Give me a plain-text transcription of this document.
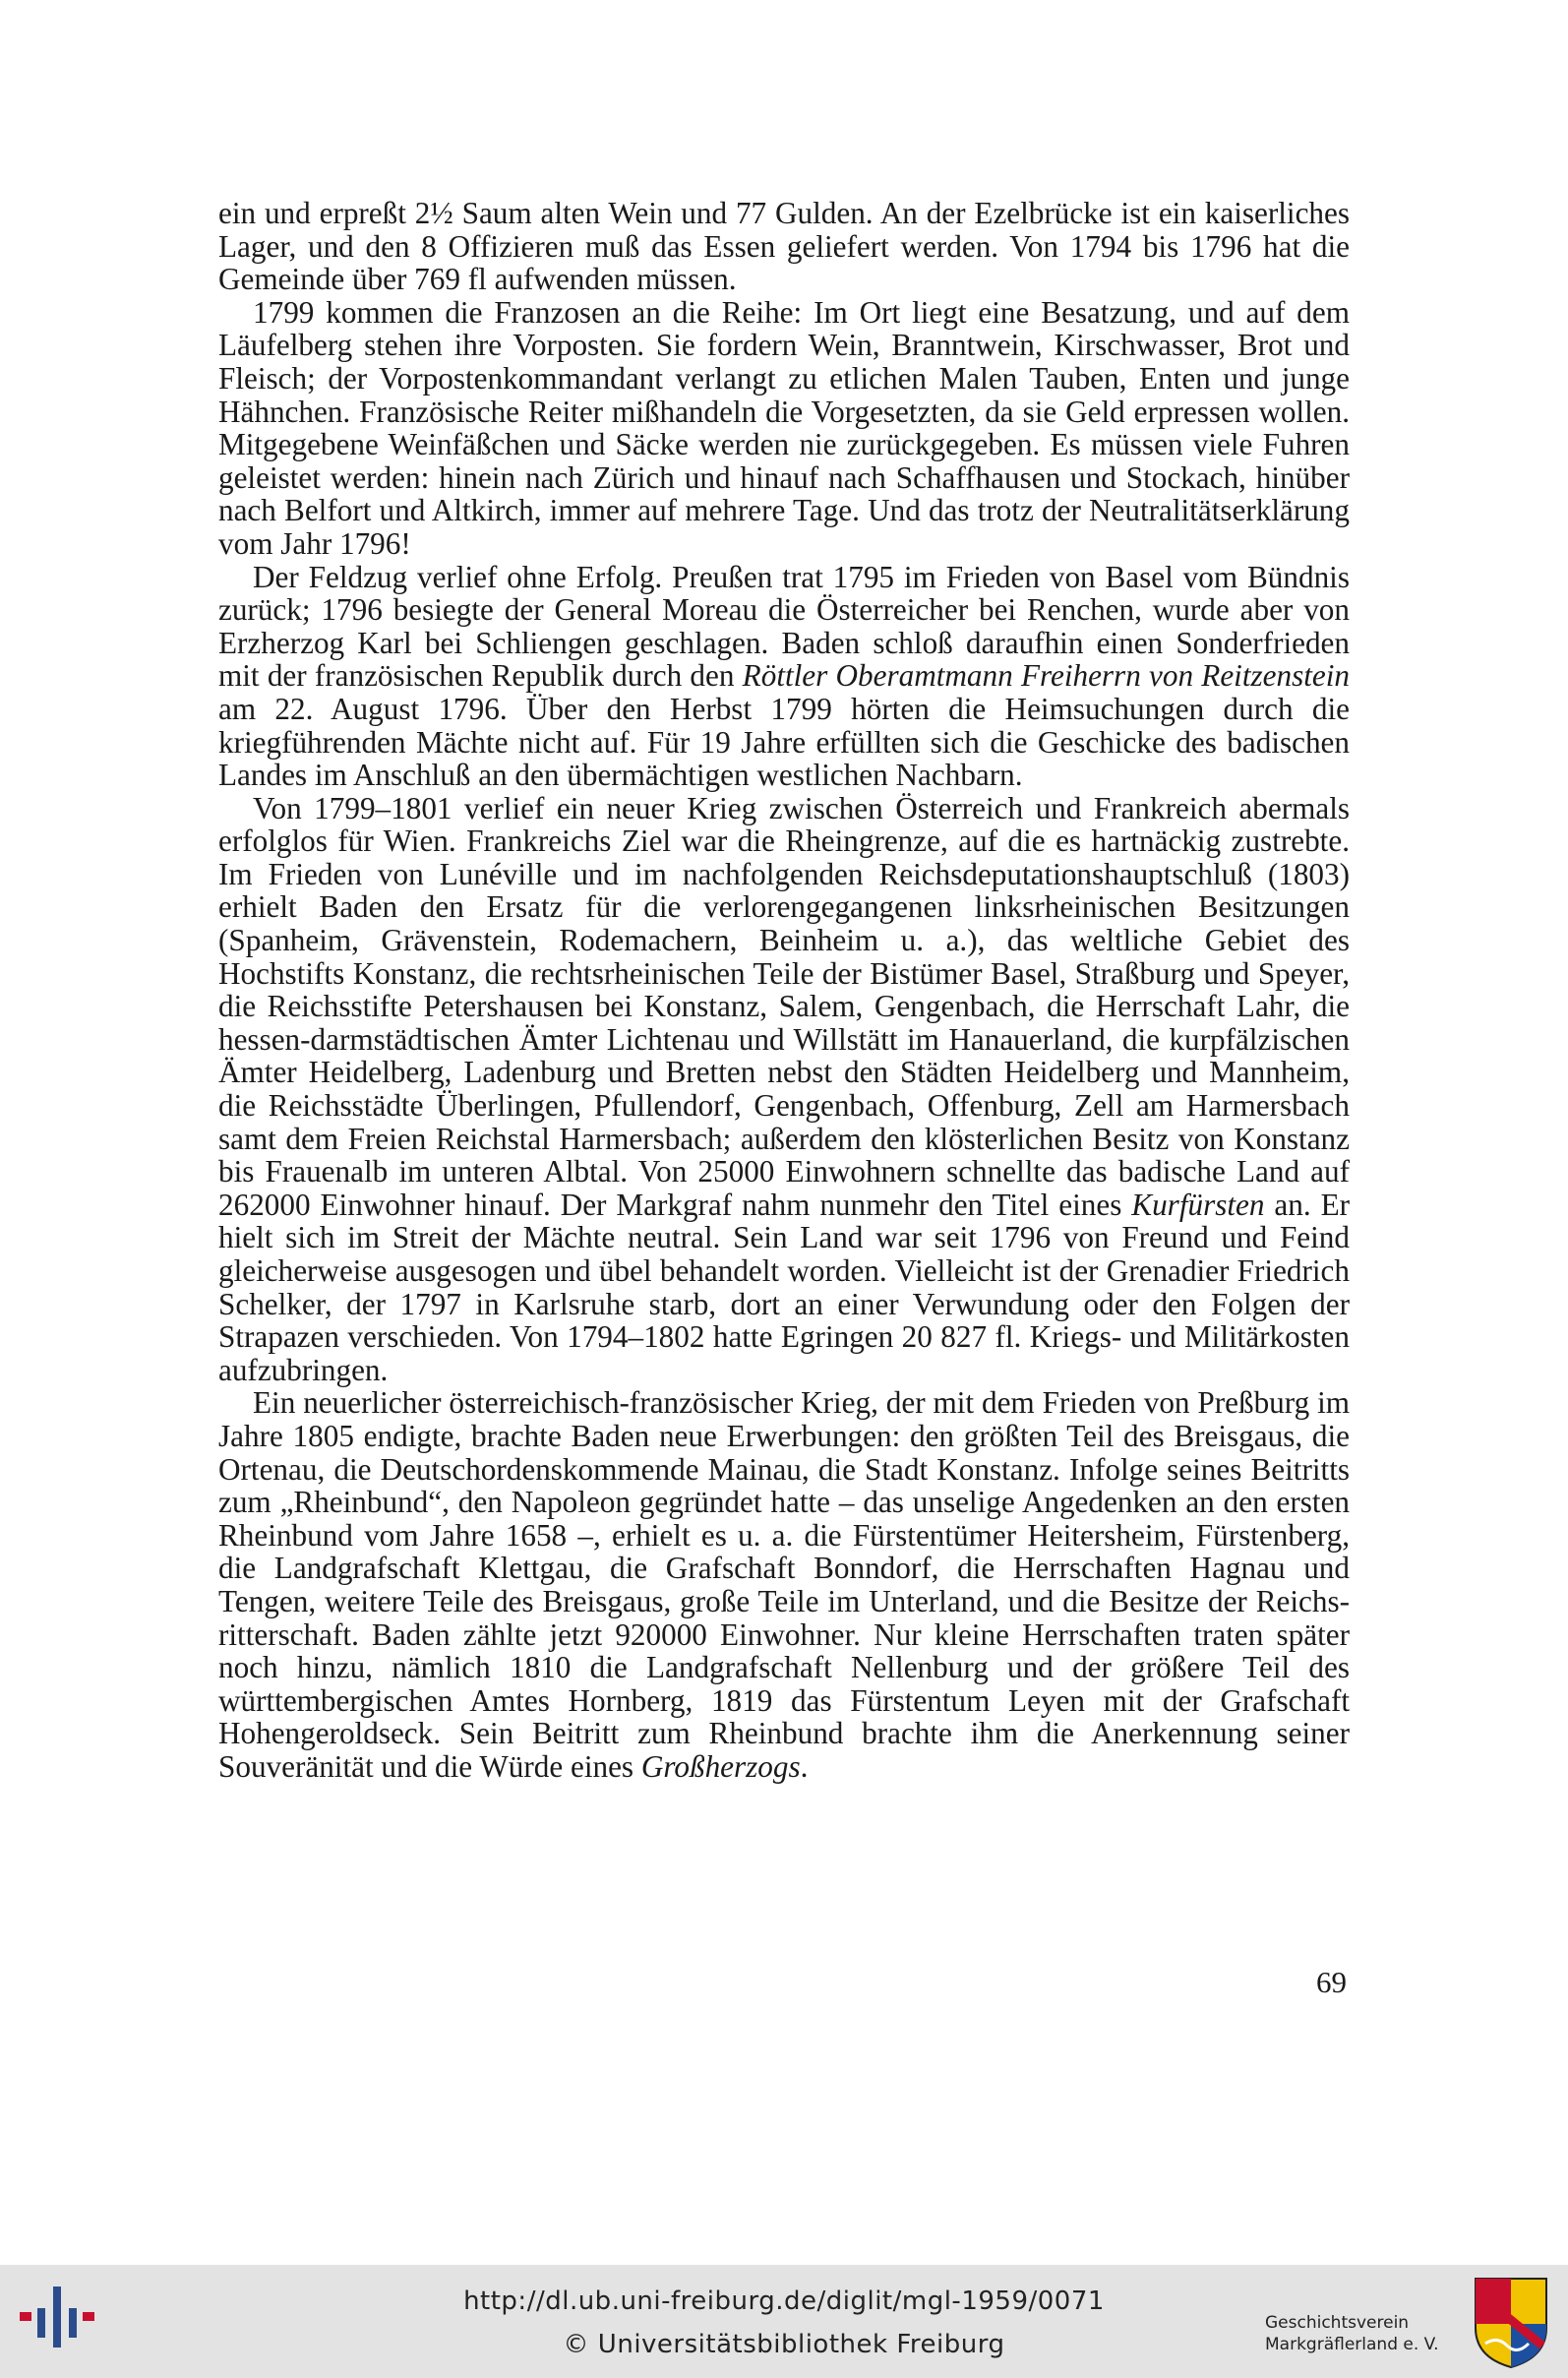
ein und erpreßt 2½ Saum alten Wein und 77 Gulden. An der Ezelbrücke ist ein kaiserliches Lager, und den 8 Offizieren muß das Essen geliefert werden. Von 1794 bis 1796 hat die Gemeinde über 769 fl aufwenden müssen.

1799 kommen die Franzosen an die Reihe: Im Ort liegt eine Besatzung, und auf dem Läufelberg stehen ihre Vorposten. Sie fordern Wein, Branntwein, Kirschwasser, Brot und Fleisch; der Vorpostenkommandant verlangt zu etlichen Malen Tauben, Enten und junge Hähnchen. Französische Reiter mißhandeln die Vorgesetzten, da sie Geld erpressen wollen. Mitgegebene Weinfäßchen und Säcke werden nie zurückgegeben. Es müssen viele Fuhren geleistet werden: hinein nach Zürich und hinauf nach Schaffhausen und Stockach, hinüber nach Belfort und Altkirch, immer auf mehrere Tage. Und das trotz der Neutralitätserklärung vom Jahr 1796!

Der Feldzug verlief ohne Erfolg. Preußen trat 1795 im Frieden von Basel vom Bündnis zurück; 1796 besiegte der General Moreau die Österreicher bei Renchen, wurde aber von Erzherzog Karl bei Schliengen geschlagen. Baden schloß daraufhin einen Sonderfrieden mit der französischen Republik durch den Röttler Oberamtmann Freiherrn von Reitzenstein am 22. August 1796. Über den Herbst 1799 hörten die Heimsuchungen durch die kriegführenden Mächte nicht auf. Für 19 Jahre erfüllten sich die Geschicke des badischen Landes im Anschluß an den übermächtigen westlichen Nachbarn.

Von 1799–1801 verlief ein neuer Krieg zwischen Österreich und Frankreich abermals erfolglos für Wien. Frankreichs Ziel war die Rheingrenze, auf die es hartnäckig zustrebte. Im Frieden von Lunéville und im nachfolgenden Reichsdeputationshauptschluß (1803) erhielt Baden den Ersatz für die verlorengegangenen linksrheinischen Besitzungen (Spanheim, Grävenstein, Rodemachern, Beinheim u. a.), das weltliche Gebiet des Hochstifts Konstanz, die rechtsrheinischen Teile der Bistümer Basel, Straßburg und Speyer, die Reichsstifte Petershausen bei Konstanz, Salem, Gengenbach, die Herrschaft Lahr, die hessen-darmstädtischen Ämter Lichtenau und Willstätt im Hanauerland, die kurpfälzischen Ämter Heidelberg, Ladenburg und Bretten nebst den Städten Heidelberg und Mannheim, die Reichsstädte Überlingen, Pfullendorf, Gengenbach, Offenburg, Zell am Harmersbach samt dem Freien Reichstal Harmersbach; außerdem den klösterlichen Besitz von Konstanz bis Frauenalb im unteren Albtal. Von 25000 Einwohnern schnellte das badische Land auf 262000 Einwohner hinauf. Der Markgraf nahm nunmehr den Titel eines Kurfürsten an. Er hielt sich im Streit der Mächte neutral. Sein Land war seit 1796 von Freund und Feind gleicherweise ausgesogen und übel behandelt worden. Vielleicht ist der Grenadier Friedrich Schelker, der 1797 in Karlsruhe starb, dort an einer Verwundung oder den Folgen der Strapazen verschieden. Von 1794–1802 hatte Egringen 20 827 fl. Kriegs- und Militärkosten aufzubringen.

Ein neuerlicher österreichisch-französischer Krieg, der mit dem Frieden von Preßburg im Jahre 1805 endigte, brachte Baden neue Erwerbungen: den größten Teil des Breisgaus, die Ortenau, die Deutschordenskommende Mainau, die Stadt Konstanz. Infolge seines Beitritts zum „Rheinbund“, den Napoleon gegründet hatte – das unselige Angedenken an den ersten Rheinbund vom Jahre 1658 –, erhielt es u. a. die Fürstentümer Heitersheim, Fürstenberg, die Landgrafschaft Klettgau, die Grafschaft Bonndorf, die Herrschaften Hagnau und Tengen, weitere Teile des Breisgaus, große Teile im Unterland, und die Besitze der Reichsritterschaft. Baden zählte jetzt 920000 Einwohner. Nur kleine Herrschaften traten später noch hinzu, nämlich 1810 die Landgrafschaft Nellenburg und der größere Teil des württembergischen Amtes Hornberg, 1819 das Fürstentum Leyen mit der Grafschaft Hohengeroldseck. Sein Beitritt zum Rheinbund brachte ihm die Anerkennung seiner Souveränität und die Würde eines Großherzogs.

69
http://dl.ub.uni-freiburg.de/diglit/mgl-1959/0071
© Universitätsbibliothek Freiburg
Geschichtsverein
Markgräflerland e. V.
